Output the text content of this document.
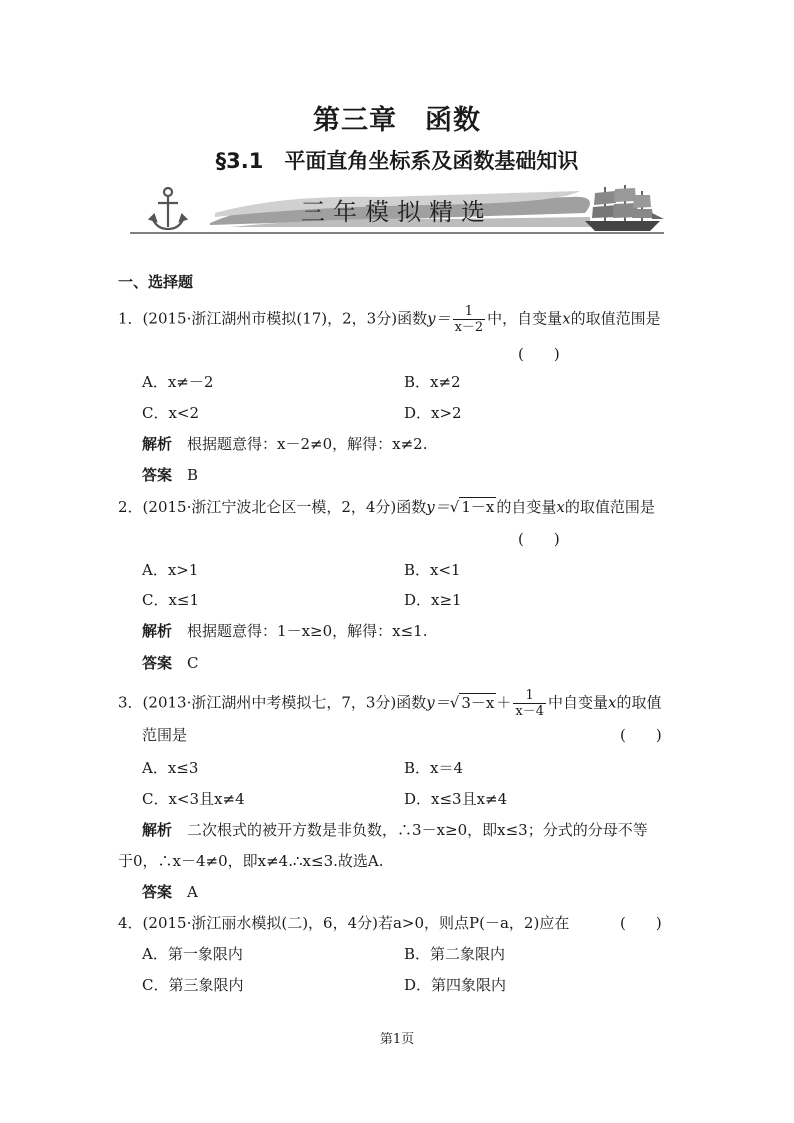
第三章　函数
§3.1　平面直角坐标系及函数基础知识
三年模拟精选
一、选择题
1．(2015·浙江湖州市模拟(17)，2，3分)函数$y= \frac{1}{x-2}$ 中，自变量x的取值范围是
(　　)
A．x≠－2	B．x≠2
C．x<2	D．x>2
解析　 根据题意得：x－2≠0，解得：x≠2.
答案　 B
2．(2015·浙江宁波北仑区一模，2，4分)函数y＝√ 1－x 的自变量x的取值范围是
(　　)
A．x>1	B．x<1
C．x≤1	D．x≥1
解析　 根据题意得：1－x≥0，解得：x≤1.
答案　 C
3．(2013·浙江湖州中考模拟七，7，3分)函数y＝√ $3-x + \frac{1}{x-4}$ 中自变量x的取值
范围是	(　　)
A．x≤3	B．x＝4
C．x<3且x≠4	D．x≤3且x≠4
解析　 二次根式的被开方数是非负数，∴3－x≥0，即x≤3；分式的分母不等
于0，∴x－4≠0，即x≠4.∴x≤3.故选A.
答案　 A
4．(2015·浙江丽水模拟(二)，6，4分)若a>0，则点P(－a，2)应在	(　　)
A．第一象限内	B．第二象限内
C．第三象限内	D．第四象限内
第1页
